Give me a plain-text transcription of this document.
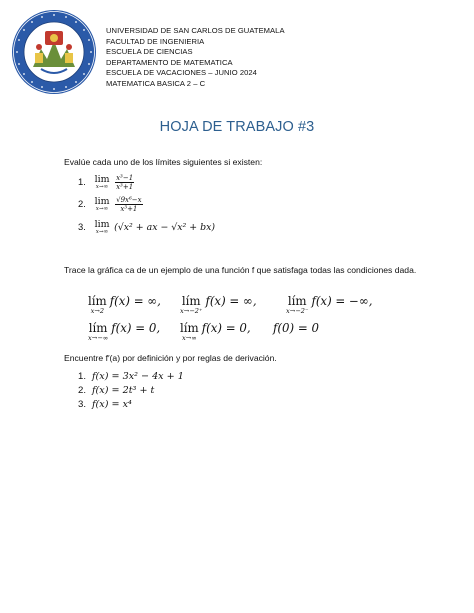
UNIVERSIDAD DE SAN CARLOS DE GUATEMALA
FACULTAD DE INGENIERIA
ESCUELA DE CIENCIAS
DEPARTAMENTO DE MATEMATICA
ESCUELA DE VACACIONES – JUNIO 2024
MATEMATICA BASICA 2 – C
HOJA DE TRABAJO #3
Evalúe cada uno de los límites siguientes si existen:
1. lim
x→∞
$\frac{\text{x³−1}}{\text{x³+1}}$
2. lim
x→∞
$\frac{\text{√9x⁶−x}}{\text{x³+1}}$
3. lim
x→∞ (√x² + ax − √x² + bx)
Trace la gráfica ca de un ejemplo de una función f que satisfaga todas las condiciones dada.
lím
x→2
f(x) = ∞, lím
x→−2⁺
f(x) = ∞,	lím
x→−2⁻
f(x) = −∞,
lím
x→−∞
f(x) = 0, lím
x→∞
f(x) = 0, f(0) = 0
Encuentre f′(a) por definición y por reglas de derivación.
1. f(x) = 3x² − 4x + 1
2. f(x) = 2t³ + t
3. f(x) = x⁴
